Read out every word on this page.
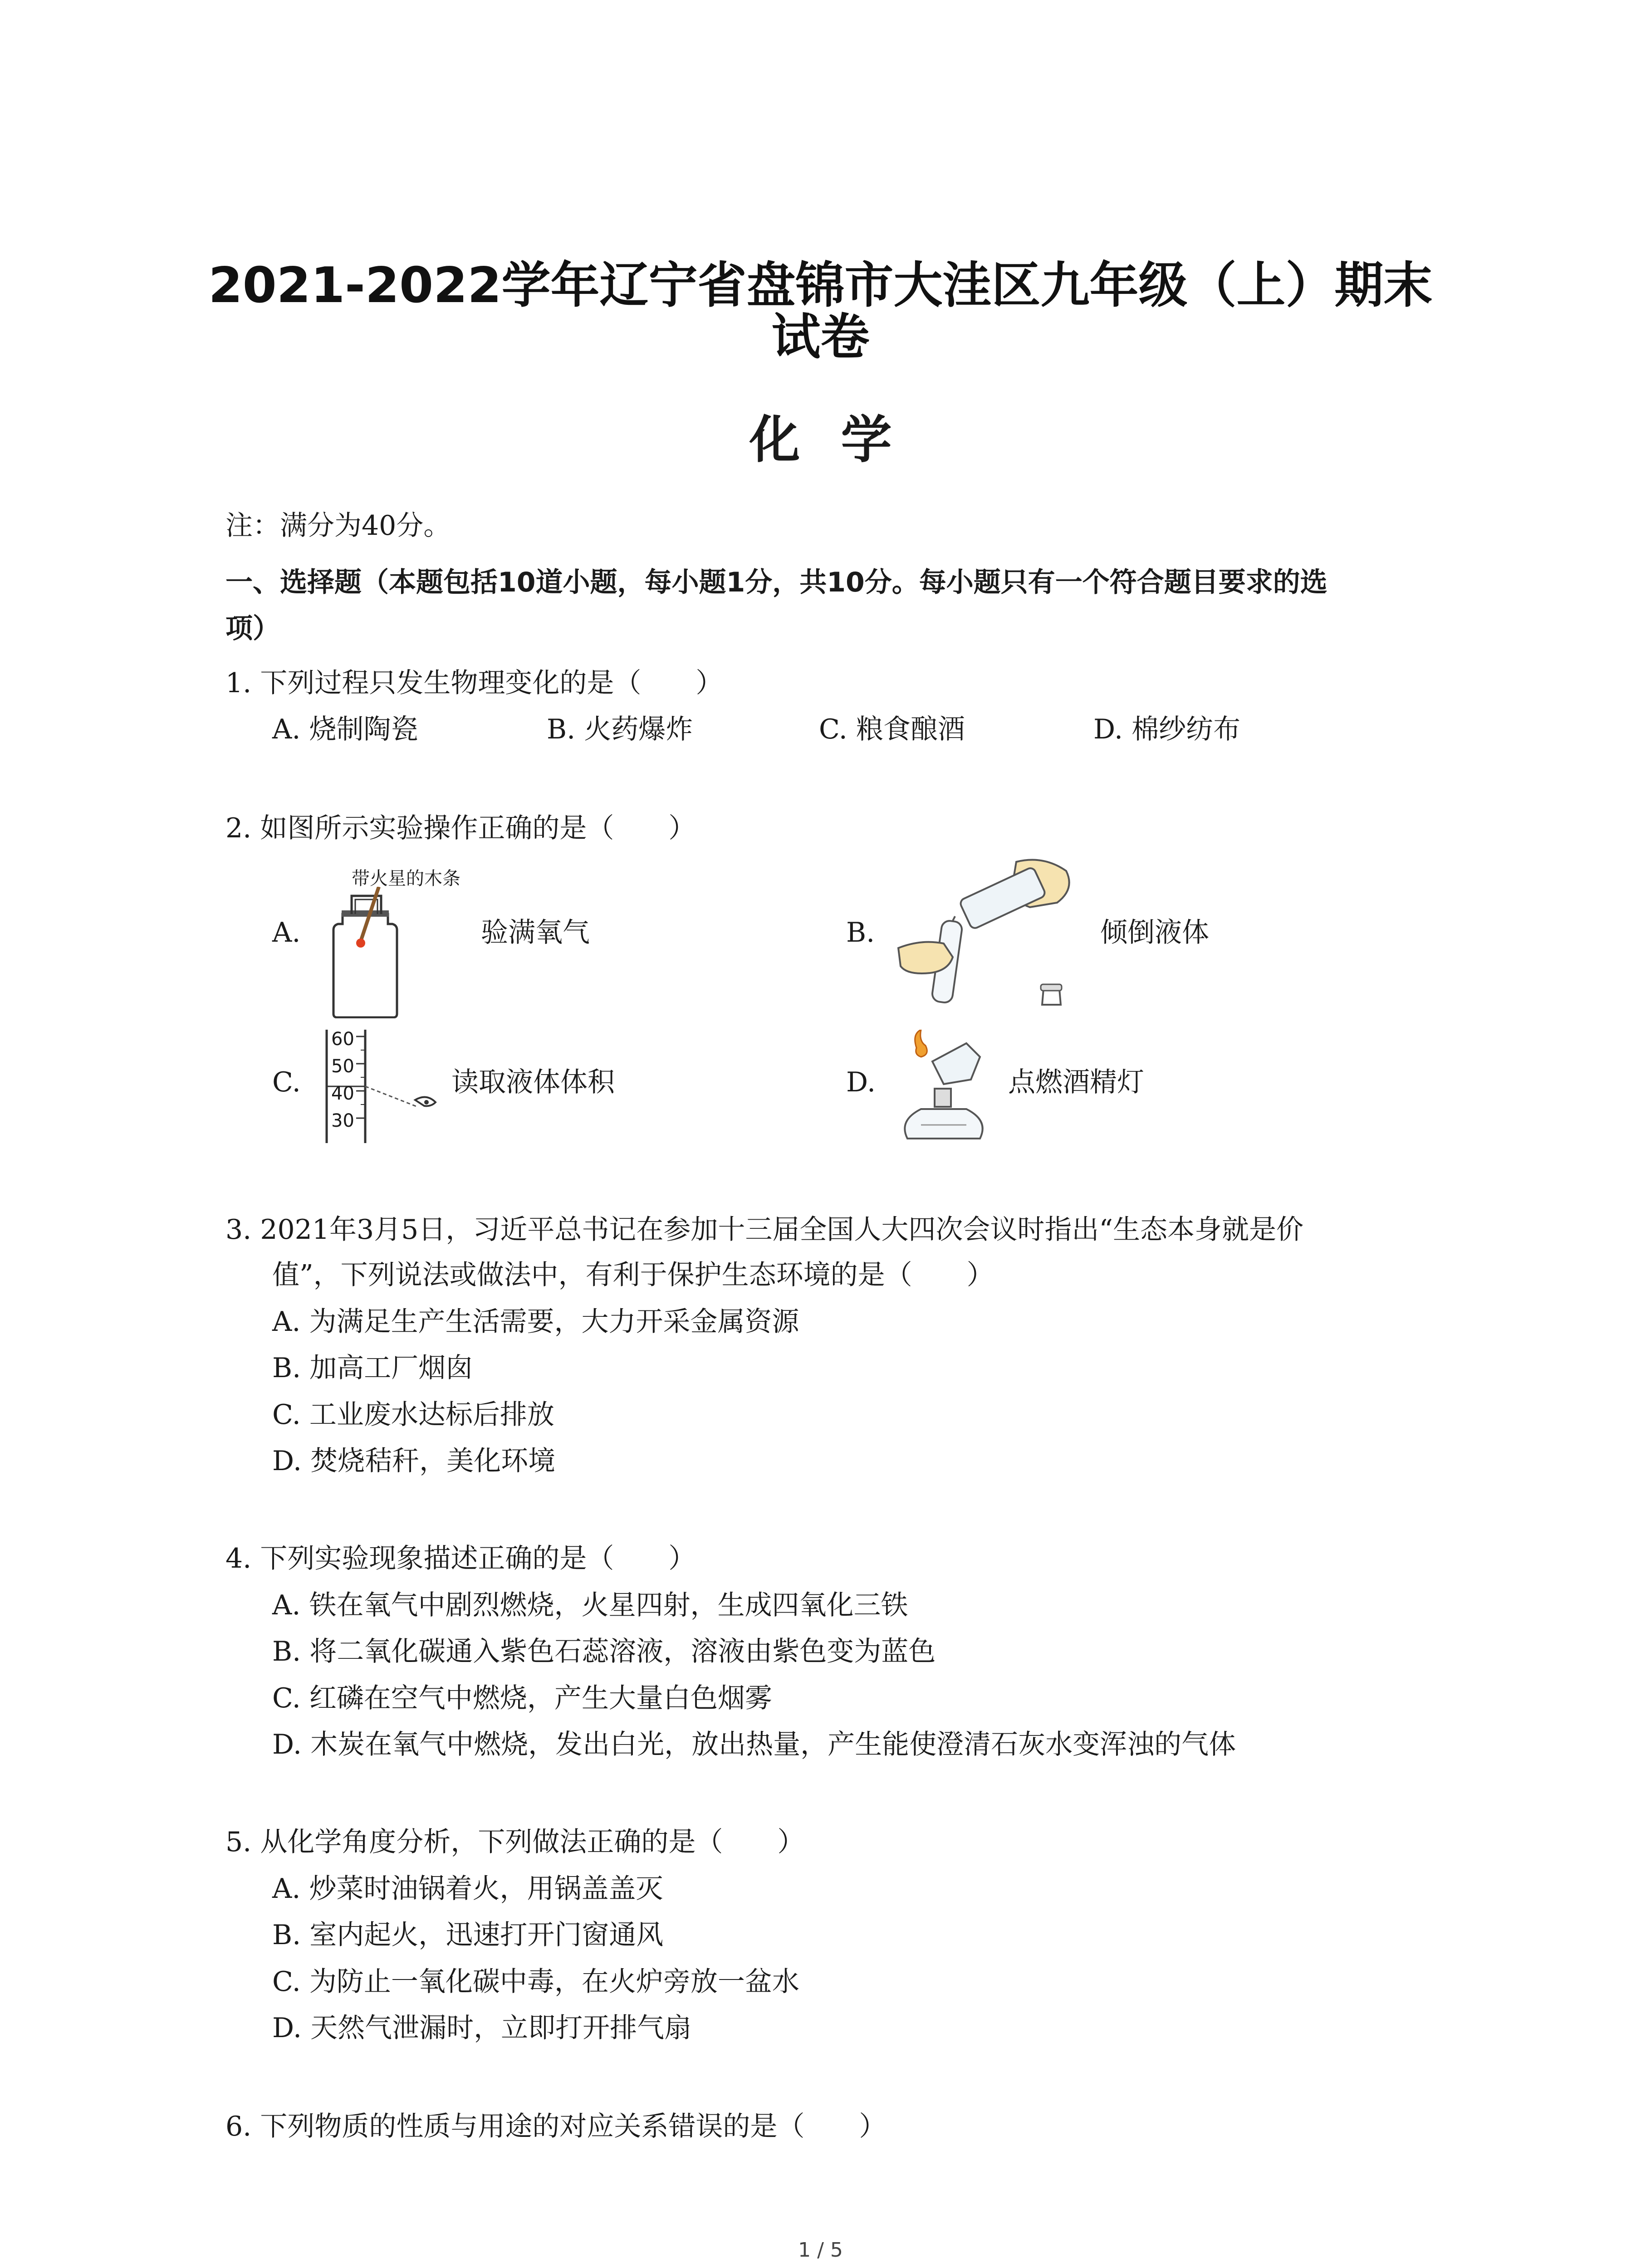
2021-2022学年辽宁省盘锦市大洼区九年级（上）期末
试卷
化学
注：满分为40分。
一、选择题（本题包括10道小题，每小题1分，共10分。每小题只有一个符合题目要求的选
项）
1. 下列过程只发生物理变化的是（　　）
A. 烧制陶瓷	B. 火药爆炸	C. 粮食酿酒	D. 棉纱纺布
2. 如图所示实验操作正确的是（　　）
带火星的木条
A.	验满氧气	B.	倾倒液体
60
50
40
30
C.	读取液体体积	D.	点燃酒精灯
3. 2021年3月5日，习近平总书记在参加十三届全国人大四次会议时指出“生态本身就是价
值”，下列说法或做法中，有利于保护生态环境的是（　　）
A. 为满足生产生活需要，大力开采金属资源
B. 加高工厂烟囱
C. 工业废水达标后排放
D. 焚烧秸秆，美化环境
4. 下列实验现象描述正确的是（　　）
A. 铁在氧气中剧烈燃烧，火星四射，生成四氧化三铁
B. 将二氧化碳通入紫色石蕊溶液，溶液由紫色变为蓝色
C. 红磷在空气中燃烧，产生大量白色烟雾
D. 木炭在氧气中燃烧，发出白光，放出热量，产生能使澄清石灰水变浑浊的气体
5. 从化学角度分析，下列做法正确的是（　　）
A. 炒菜时油锅着火，用锅盖盖灭
B. 室内起火，迅速打开门窗通风
C. 为防止一氧化碳中毒，在火炉旁放一盆水
D. 天然气泄漏时，立即打开排气扇
6. 下列物质的性质与用途的对应关系错误的是（　　）
1 / 5
